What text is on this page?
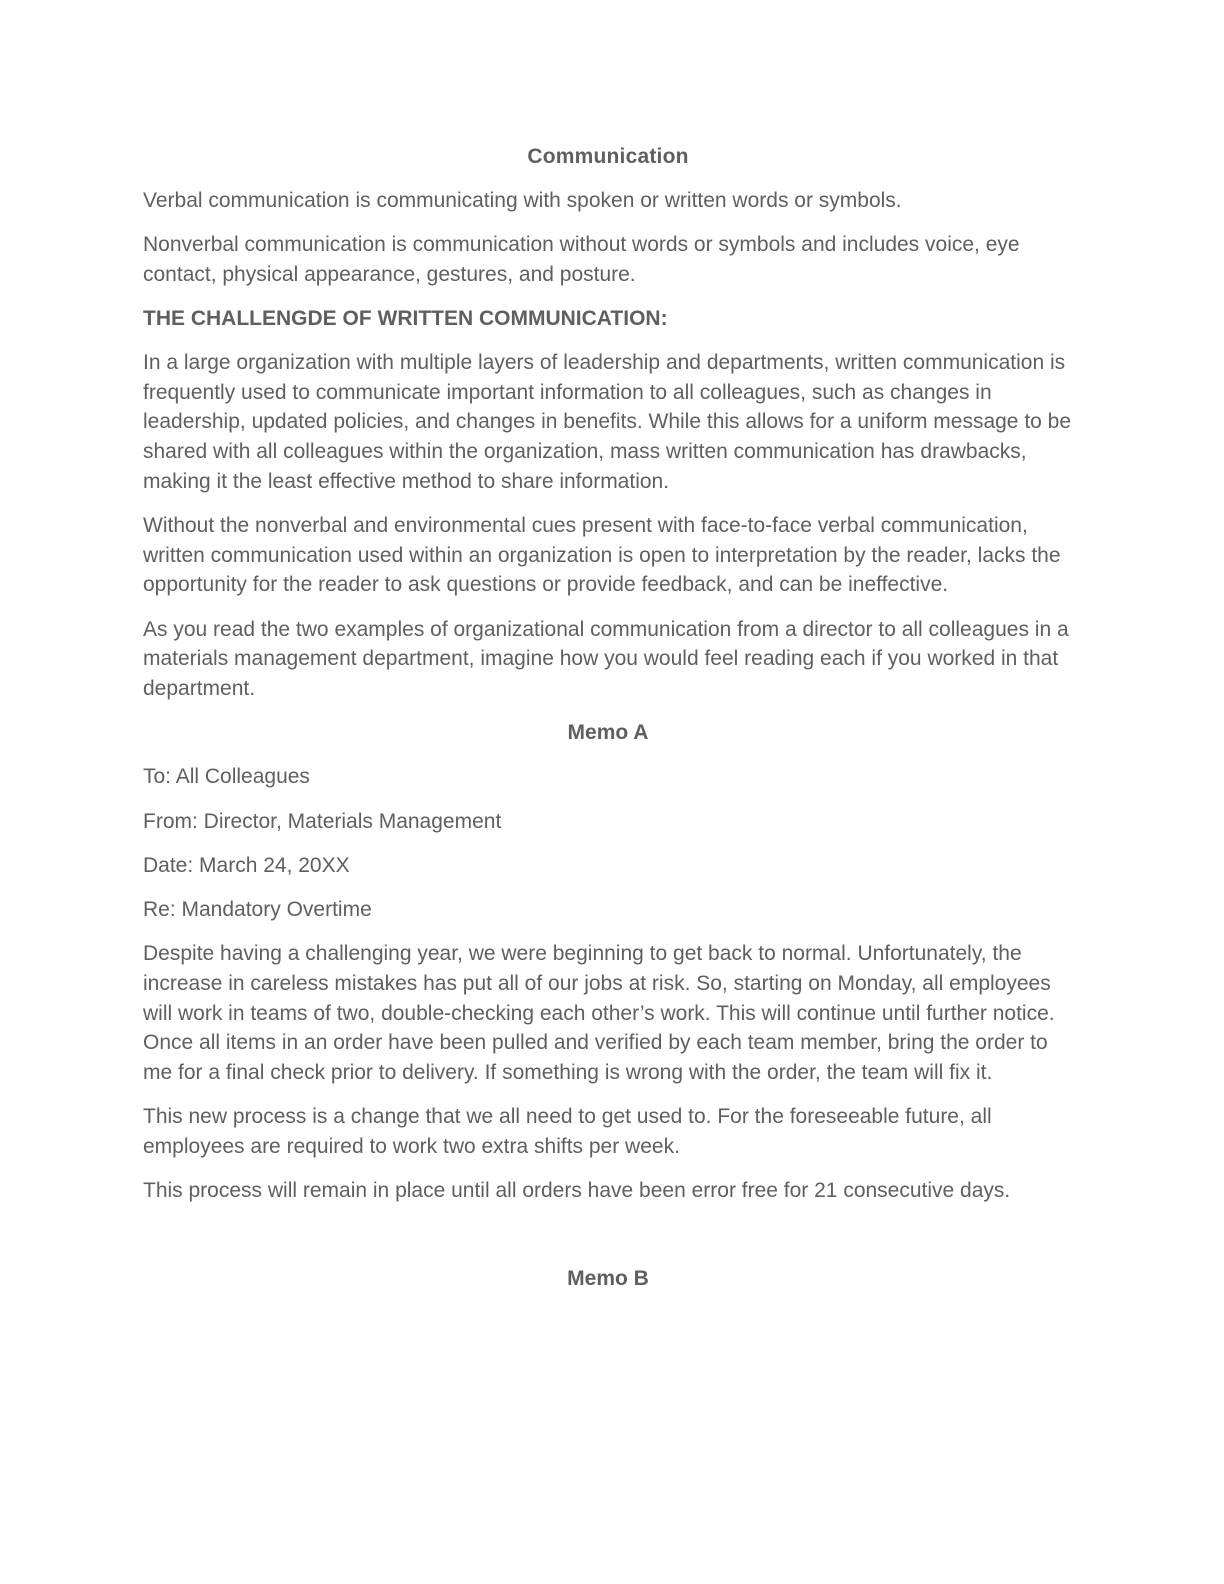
Communication

Verbal communication is communicating with spoken or written words or symbols.

Nonverbal communication is communication without words or symbols and includes voice, eye contact, physical appearance, gestures, and posture.

THE CHALLENGDE OF WRITTEN COMMUNICATION:

In a large organization with multiple layers of leadership and departments, written communication is frequently used to communicate important information to all colleagues, such as changes in leadership, updated policies, and changes in benefits. While this allows for a uniform message to be shared with all colleagues within the organization, mass written communication has drawbacks, making it the least effective method to share information.

Without the nonverbal and environmental cues present with face-to-face verbal communication, written communication used within an organization is open to interpretation by the reader, lacks the opportunity for the reader to ask questions or provide feedback, and can be ineffective.

As you read the two examples of organizational communication from a director to all colleagues in a materials management department, imagine how you would feel reading each if you worked in that department.

Memo A

To: All Colleagues

From: Director, Materials Management

Date: March 24, 20XX

Re: Mandatory Overtime

Despite having a challenging year, we were beginning to get back to normal. Unfortunately, the increase in careless mistakes has put all of our jobs at risk. So, starting on Monday, all employees will work in teams of two, double-checking each other’s work. This will continue until further notice. Once all items in an order have been pulled and verified by each team member, bring the order to me for a final check prior to delivery. If something is wrong with the order, the team will fix it.

This new process is a change that we all need to get used to. For the foreseeable future, all employees are required to work two extra shifts per week.

This process will remain in place until all orders have been error free for 21 consecutive days.

Memo B
